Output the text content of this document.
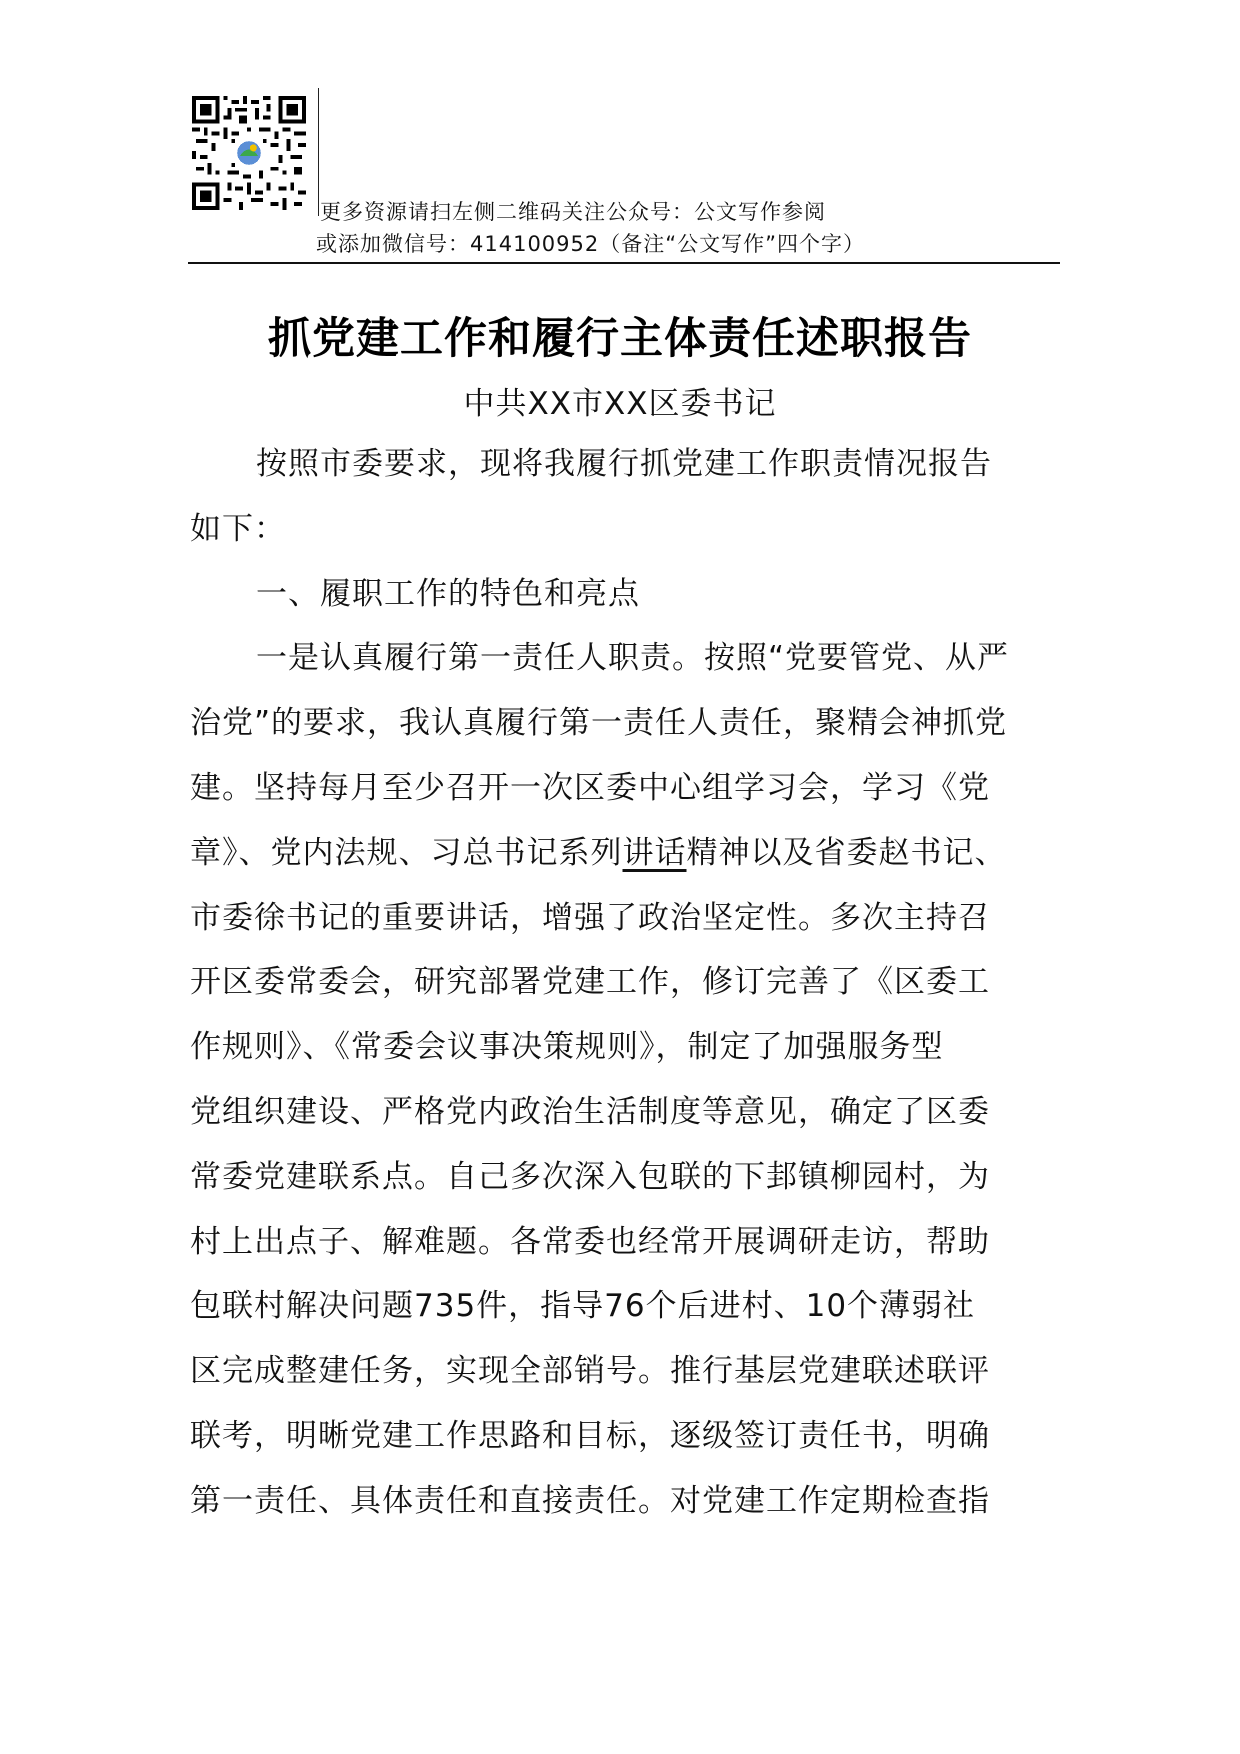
更多资源请扫左侧二维码关注公众号：公文写作参阅
或添加微信号：414100952（备注“公文写作”四个字）
抓党建工作和履行主体责任述职报告
中共XX市XX区委书记
按照市委要求，现将我履行抓党建工作职责情况报告
如下：
一、履职工作的特色和亮点
一是认真履行第一责任人职责。按照“党要管党、从严
治党”的要求，我认真履行第一责任人责任，聚精会神抓党
建。坚持每月至少召开一次区委中心组学习会，学习《党
章》、党内法规、习总书记系列讲话精神以及省委赵书记、
市委徐书记的重要讲话，增强了政治坚定性。多次主持召
开区委常委会，研究部署党建工作，修订完善了《区委工
作规则》、《常委会议事决策规则》，制定了加强服务型
党组织建设、严格党内政治生活制度等意见，确定了区委
常委党建联系点。自己多次深入包联的下邽镇柳园村，为
村上出点子、解难题。各常委也经常开展调研走访，帮助
包联村解决问题735件，指导76个后进村、10个薄弱社
区完成整建任务，实现全部销号。推行基层党建联述联评
联考，明晰党建工作思路和目标，逐级签订责任书，明确
第一责任、具体责任和直接责任。对党建工作定期检查指
